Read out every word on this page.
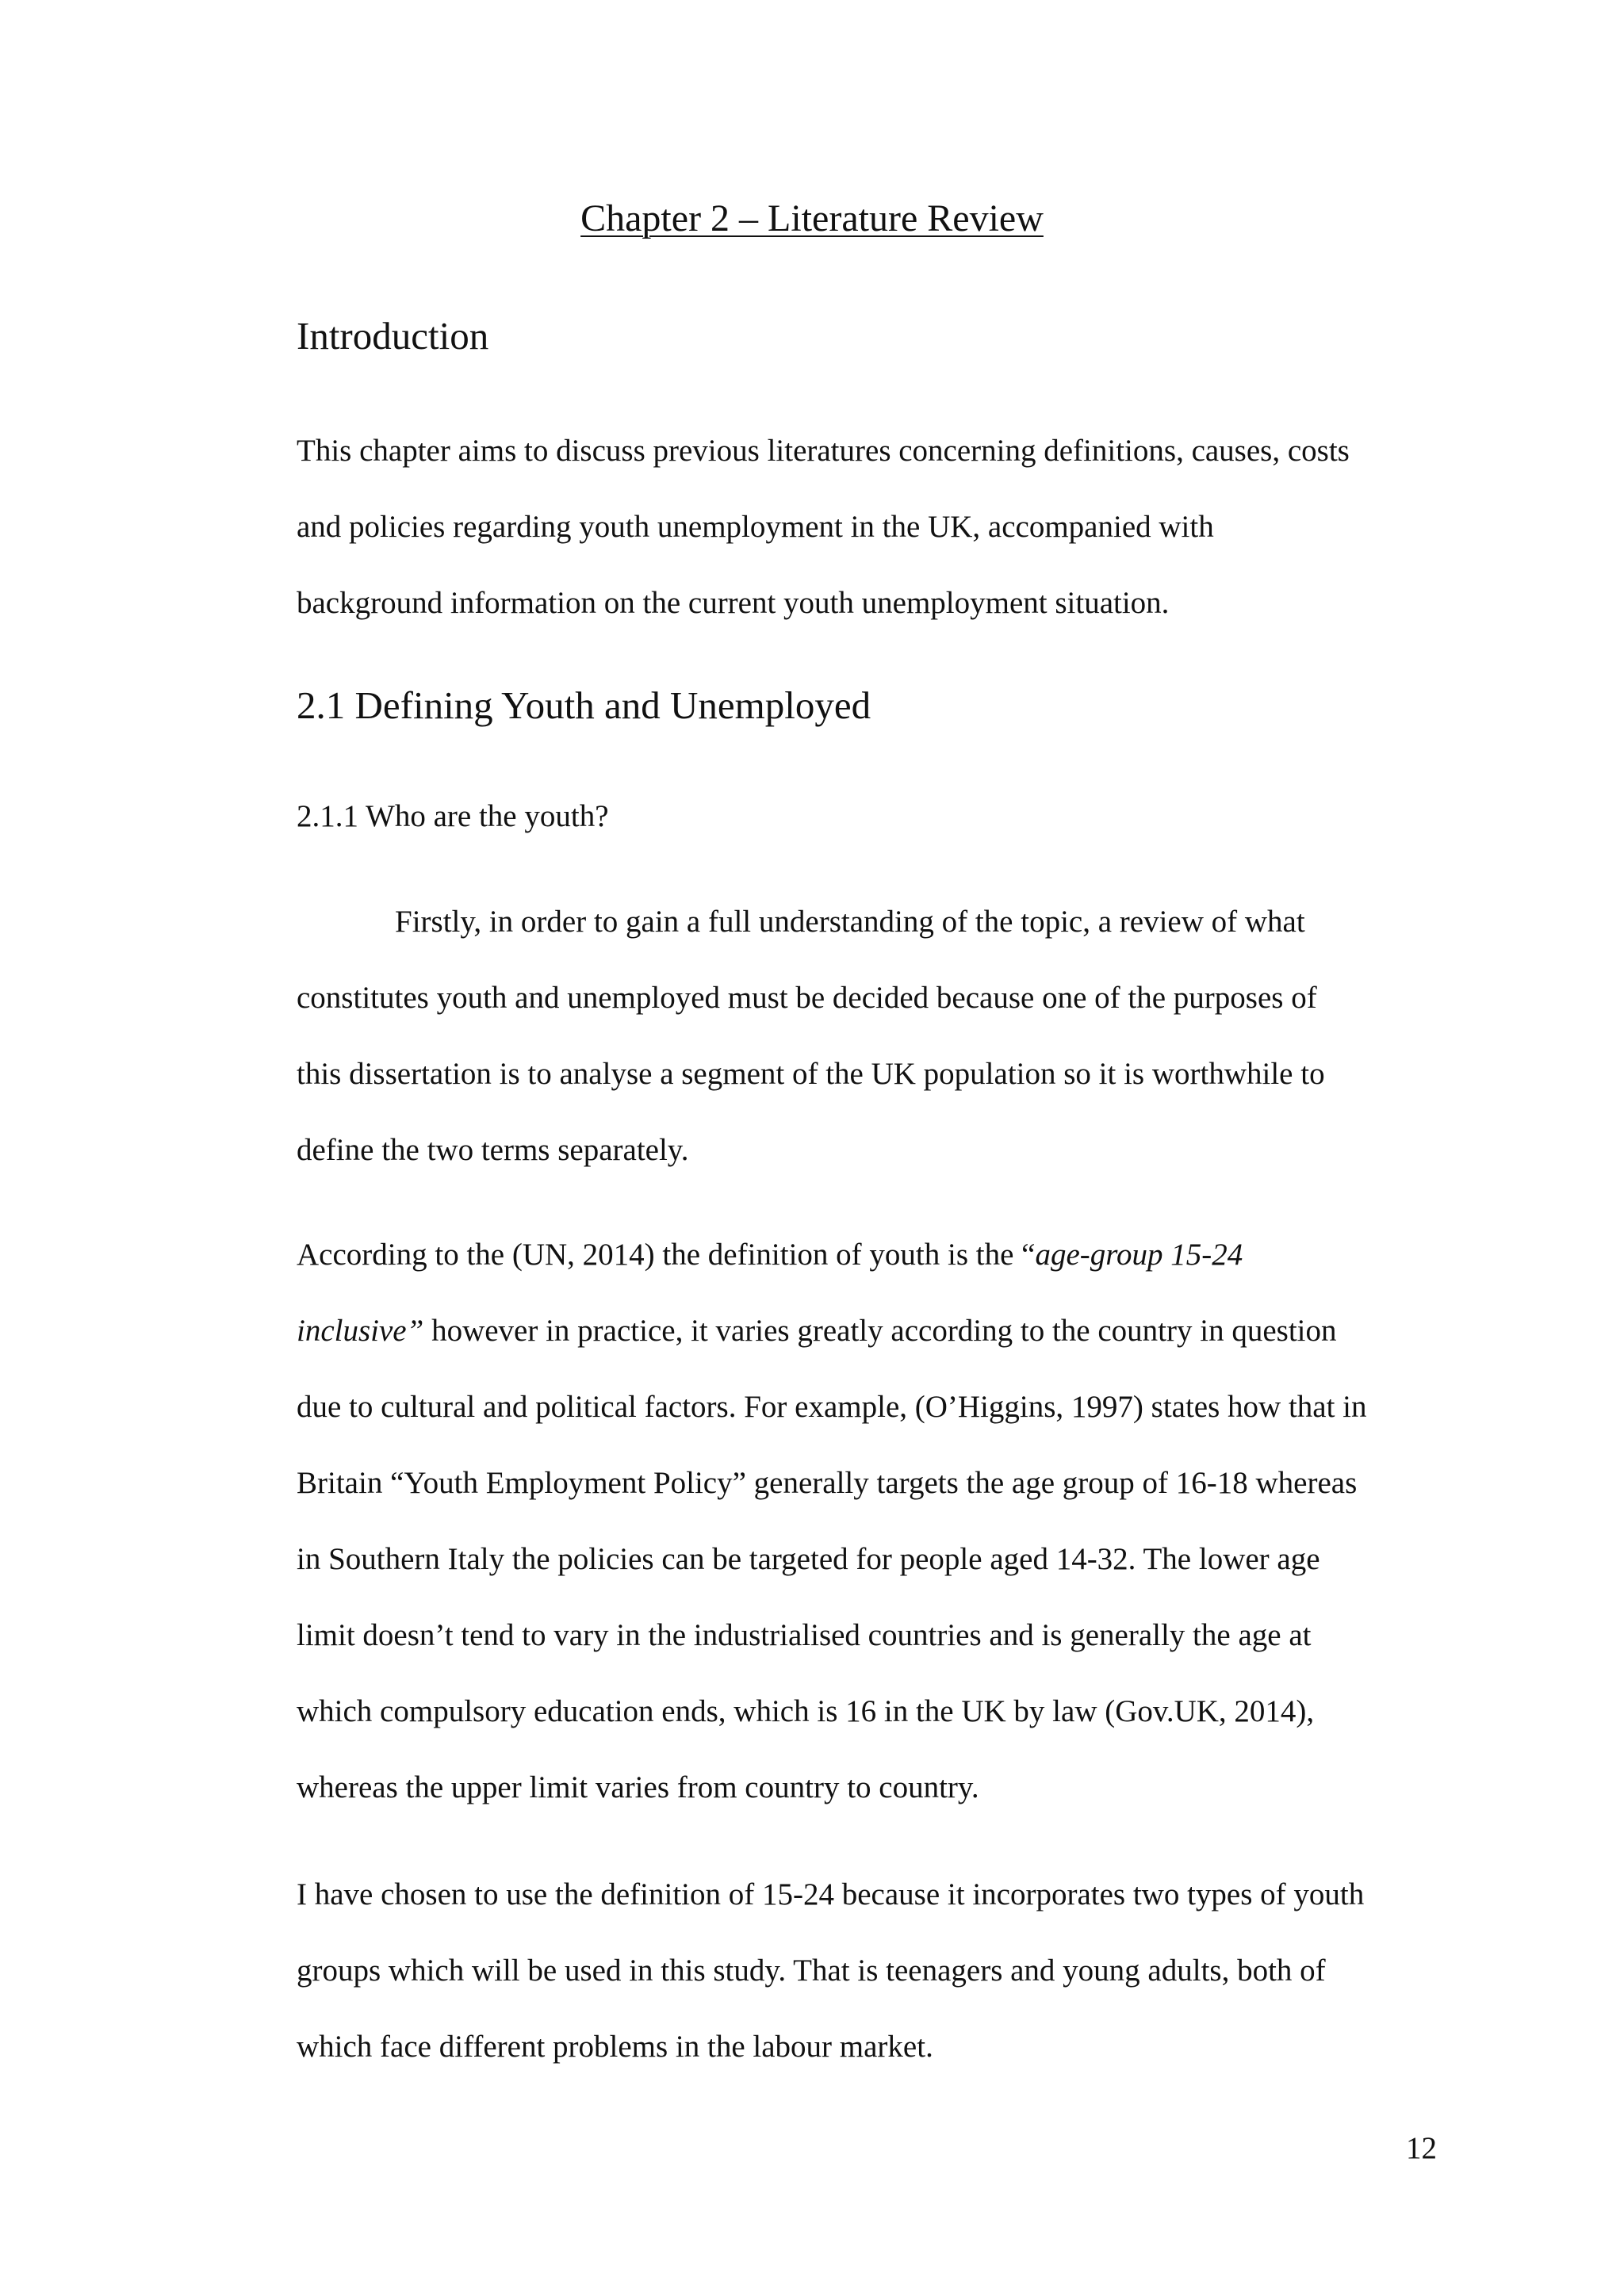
Chapter 2 – Literature Review
Introduction

This chapter aims to discuss previous literatures concerning definitions, causes, costs
and policies regarding youth unemployment in the UK, accompanied with
background information on the current youth unemployment situation.

2.1 Defining Youth and Unemployed
2.1.1 Who are the youth?

Firstly, in order to gain a full understanding of the topic, a review of what
constitutes youth and unemployed must be decided because one of the purposes of
this dissertation is to analyse a segment of the UK population so it is worthwhile to
define the two terms separately.

According to the (UN, 2014) the definition of youth is the “age-group 15-24
inclusive” however in practice, it varies greatly according to the country in question
due to cultural and political factors. For example, (O’Higgins, 1997) states how that in
Britain “Youth Employment Policy” generally targets the age group of 16-18 whereas
in Southern Italy the policies can be targeted for people aged 14-32. The lower age
limit doesn’t tend to vary in the industrialised countries and is generally the age at
which compulsory education ends, which is 16 in the UK by law (Gov.UK, 2014),
whereas the upper limit varies from country to country.

I have chosen to use the definition of 15-24 because it incorporates two types of youth
groups which will be used in this study. That is teenagers and young adults, both of
which face different problems in the labour market.

12
